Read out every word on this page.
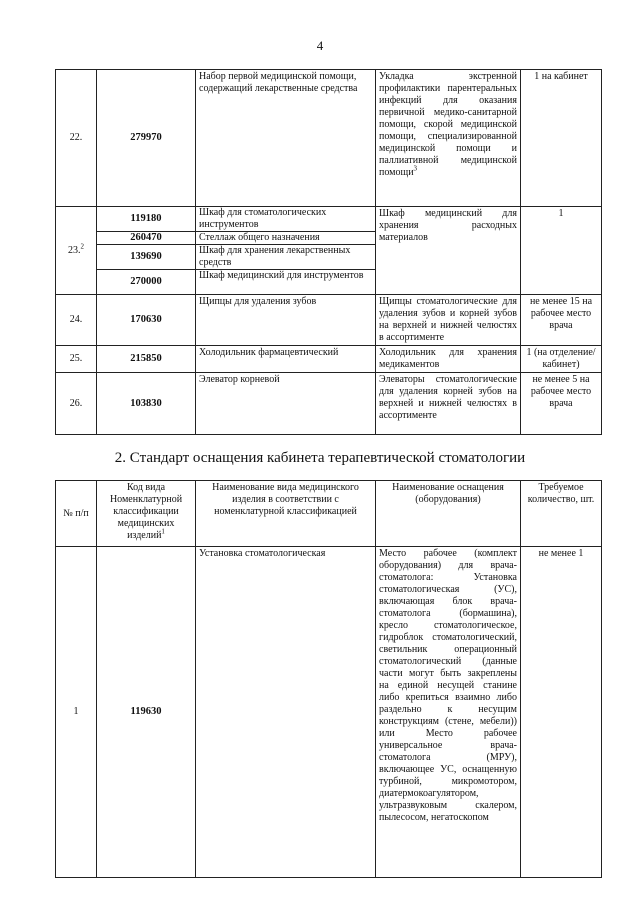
4
22.	279970	Набор первой медицинской помощи, содержащий лекарственные средства	Укладка экстренной профилактики парентеральных инфекций для оказания первичной медико-санитарной помощи, скорой медицинской помощи, специализированной медицинской помощи и паллиативной медицинской помощи$^3$	1 на кабинет
23.$^2$	119180	Шкаф для стоматологических инструментов	Шкаф медицинский для хранения расходных материалов	1
	260470	Стеллаж общего назначения		
	139690	Шкаф для хранения лекарственных средств		
	270000	Шкаф медицинский для инструментов		
24.	170630	Щипцы для удаления зубов	Щипцы стоматологические для удаления зубов и корней зубов на верхней и нижней челюстях в ассортименте	не менее 15 на рабочее место врача
25.	215850	Холодильник фармацевтический	Холодильник для хранения медикаментов	1 (на отделение/ кабинет)
26.	103830	Элеватор корневой	Элеваторы стоматологические для удаления корней зубов на верхней и нижней челюстях в ассортименте	не менее 5 на рабочее место врача
2. Стандарт оснащения кабинета терапевтической стоматологии
№ п/п	Код вида Номенклатурной классификации медицинских изделий$^1$	Наименование вида медицинского изделия в соответствии с номенклатурной классификацией	Наименование оснащения (оборудования)	Требуемое количество, шт.
1	119630	Установка стоматологическая	Место рабочее (комплект оборудования) для врача-стоматолога: Установка стоматологическая (УС), включающая блок врача-стоматолога (бормашина), кресло стоматологическое, гидроблок стоматологический, светильник операционный стоматологический (данные части могут быть закреплены на единой несущей станине либо крепиться взаимно либо раздельно к несущим конструкциям (стене, мебели)) или Место рабочее универсальное врача-стоматолога (МРУ), включающее УС, оснащенную турбиной, микромотором, диатермокоагулятором, ультразвуковым скалером, пылесосом, негатоскопом	не менее 1
